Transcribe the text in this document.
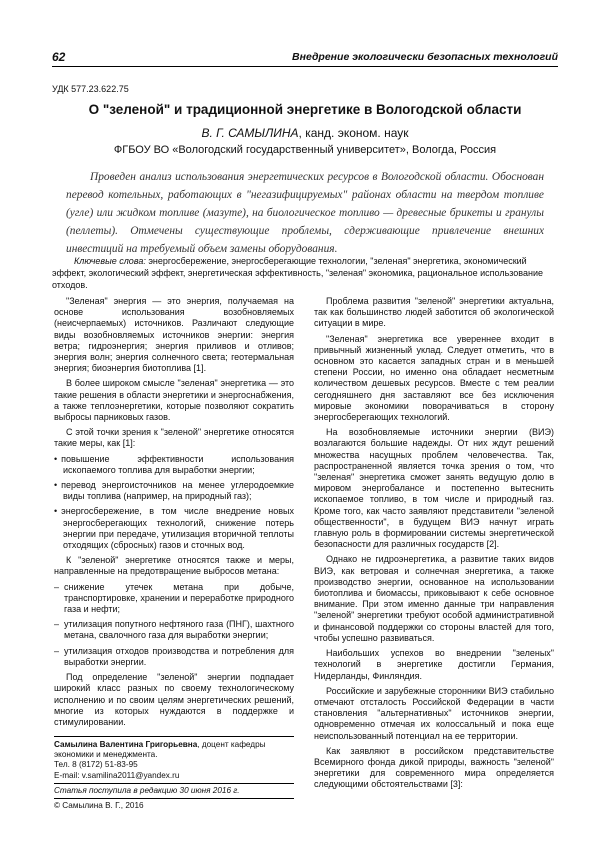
62	Внедрение экологически безопасных технологий
УДК 577.23.622.75
О "зеленой" и традиционной энергетике в Вологодской области
В. Г. САМЫЛИНА, канд. эконом. наук
ФГБОУ ВО «Вологодский государственный университет», Вологда, Россия
Проведен анализ использования энергетических ресурсов в Вологодской области. Обоснован перевод котельных, работающих в "негазифицируемых" районах области на твердом топливе (угле) или жидком топливе (мазуте), на биологическое топливо — древесные брикеты и гранулы (пеллеты). Отмечены существующие проблемы, сдерживающие привлечение внешних инвестиций на требуемый объем замены оборудования.
Ключевые слова: энергосбережение, энергосберегающие технологии, "зеленая" энергетика, экономический эффект, экологический эффект, энергетическая эффективность, "зеленая" экономика, рациональное использование отходов.

"Зеленая" энергия — это энергия, получаемая на основе использования возобновляемых (неисчерпаемых) источников. Различают следующие виды возобновляемых источников энергии: энергия ветра; гидроэнергия; энергия приливов и отливов; энергия волн; энергия солнечного света; геотермальная энергия; биоэнергия биотоплива [1].

В более широком смысле "зеленая" энергетика — это такие решения в области энергетики и энергоснабжения, а также теплоэнергетики, которые позволяют сократить выбросы парниковых газов.

С этой точки зрения к "зеленой" энергетике относятся такие меры, как [1]:

• повышение эффективности использования ископаемого топлива для выработки энергии;

• перевод энергоисточников на менее углеродоемкие виды топлива (например, на природный газ);

• энергосбережение, в том числе внедрение новых энергосберегающих технологий, снижение потерь энергии при передаче, утилизация вторичной теплоты отходящих (сбросных) газов и сточных вод.

К "зеленой" энергетике относятся также и меры, направленные на предотвращение выбросов метана:

– снижение утечек метана при добыче, транспортировке, хранении и переработке природного газа и нефти;

– утилизация попутного нефтяного газа (ПНГ), шахтного метана, свалочного газа для выработки энергии;

– утилизация отходов производства и потребления для выработки энергии.

Под определение "зеленой" энергии подпадает широкий класс разных по своему технологическому исполнению и по своим целям энергетических решений, многие из которых нуждаются в поддержке и стимулировании.

Проблема развития "зеленой" энергетики актуальна, так как большинство людей заботится об экологической ситуации в мире.

"Зеленая" энергетика все увереннее входит в привычный жизненный уклад. Следует отметить, что в основном это касается западных стран и в меньшей степени России, но именно она обладает несметным количеством дешевых ресурсов. Вместе с тем реалии сегодняшнего дня заставляют все без исключения мировые экономики поворачиваться в сторону энергосберегающих технологий.

На возобновляемые источники энергии (ВИЭ) возлагаются большие надежды. От них ждут решений множества насущных проблем человечества. Так, распространенной является точка зрения о том, что "зеленая" энергетика сможет занять ведущую долю в мировом энергобалансе и постепенно вытеснить ископаемое топливо, в том числе и природный газ. Кроме того, как часто заявляют представители "зеленой общественности", в будущем ВИЭ начнут играть главную роль в формировании системы энергетической безопасности для различных государств [2].

Однако не гидроэнергетика, а развитие таких видов ВИЭ, как ветровая и солнечная энергетика, а также производство энергии, основанное на использовании биотоплива и биомассы, приковывают к себе основное внимание. При этом именно данные три направления "зеленой" энергетики требуют особой административной и финансовой поддержки со стороны властей для того, чтобы успешно развиваться.

Наибольших успехов во внедрении "зеленых" технологий в энергетике достигли Германия, Нидерланды, Финляндия.

Российские и зарубежные сторонники ВИЭ стабильно отмечают отсталость Российской Федерации в части становления "альтернативных" источников энергии, одновременно отмечая их колоссальный и пока еще неиспользованный потенциал на ее территории.

Как заявляют в российском представительстве Всемирного фонда дикой природы, важность "зеленой" энергетики для современного мира определяется следующими обстоятельствами [3]:

Самылина Валентина Григорьевна, доцент кафедры экономики и менеджмента.
Тел. 8 (8172) 51-83-95
E-mail: v.samilina2011@yandex.ru
Статья поступила в редакцию 30 июня 2016 г.
© Самылина В. Г., 2016
